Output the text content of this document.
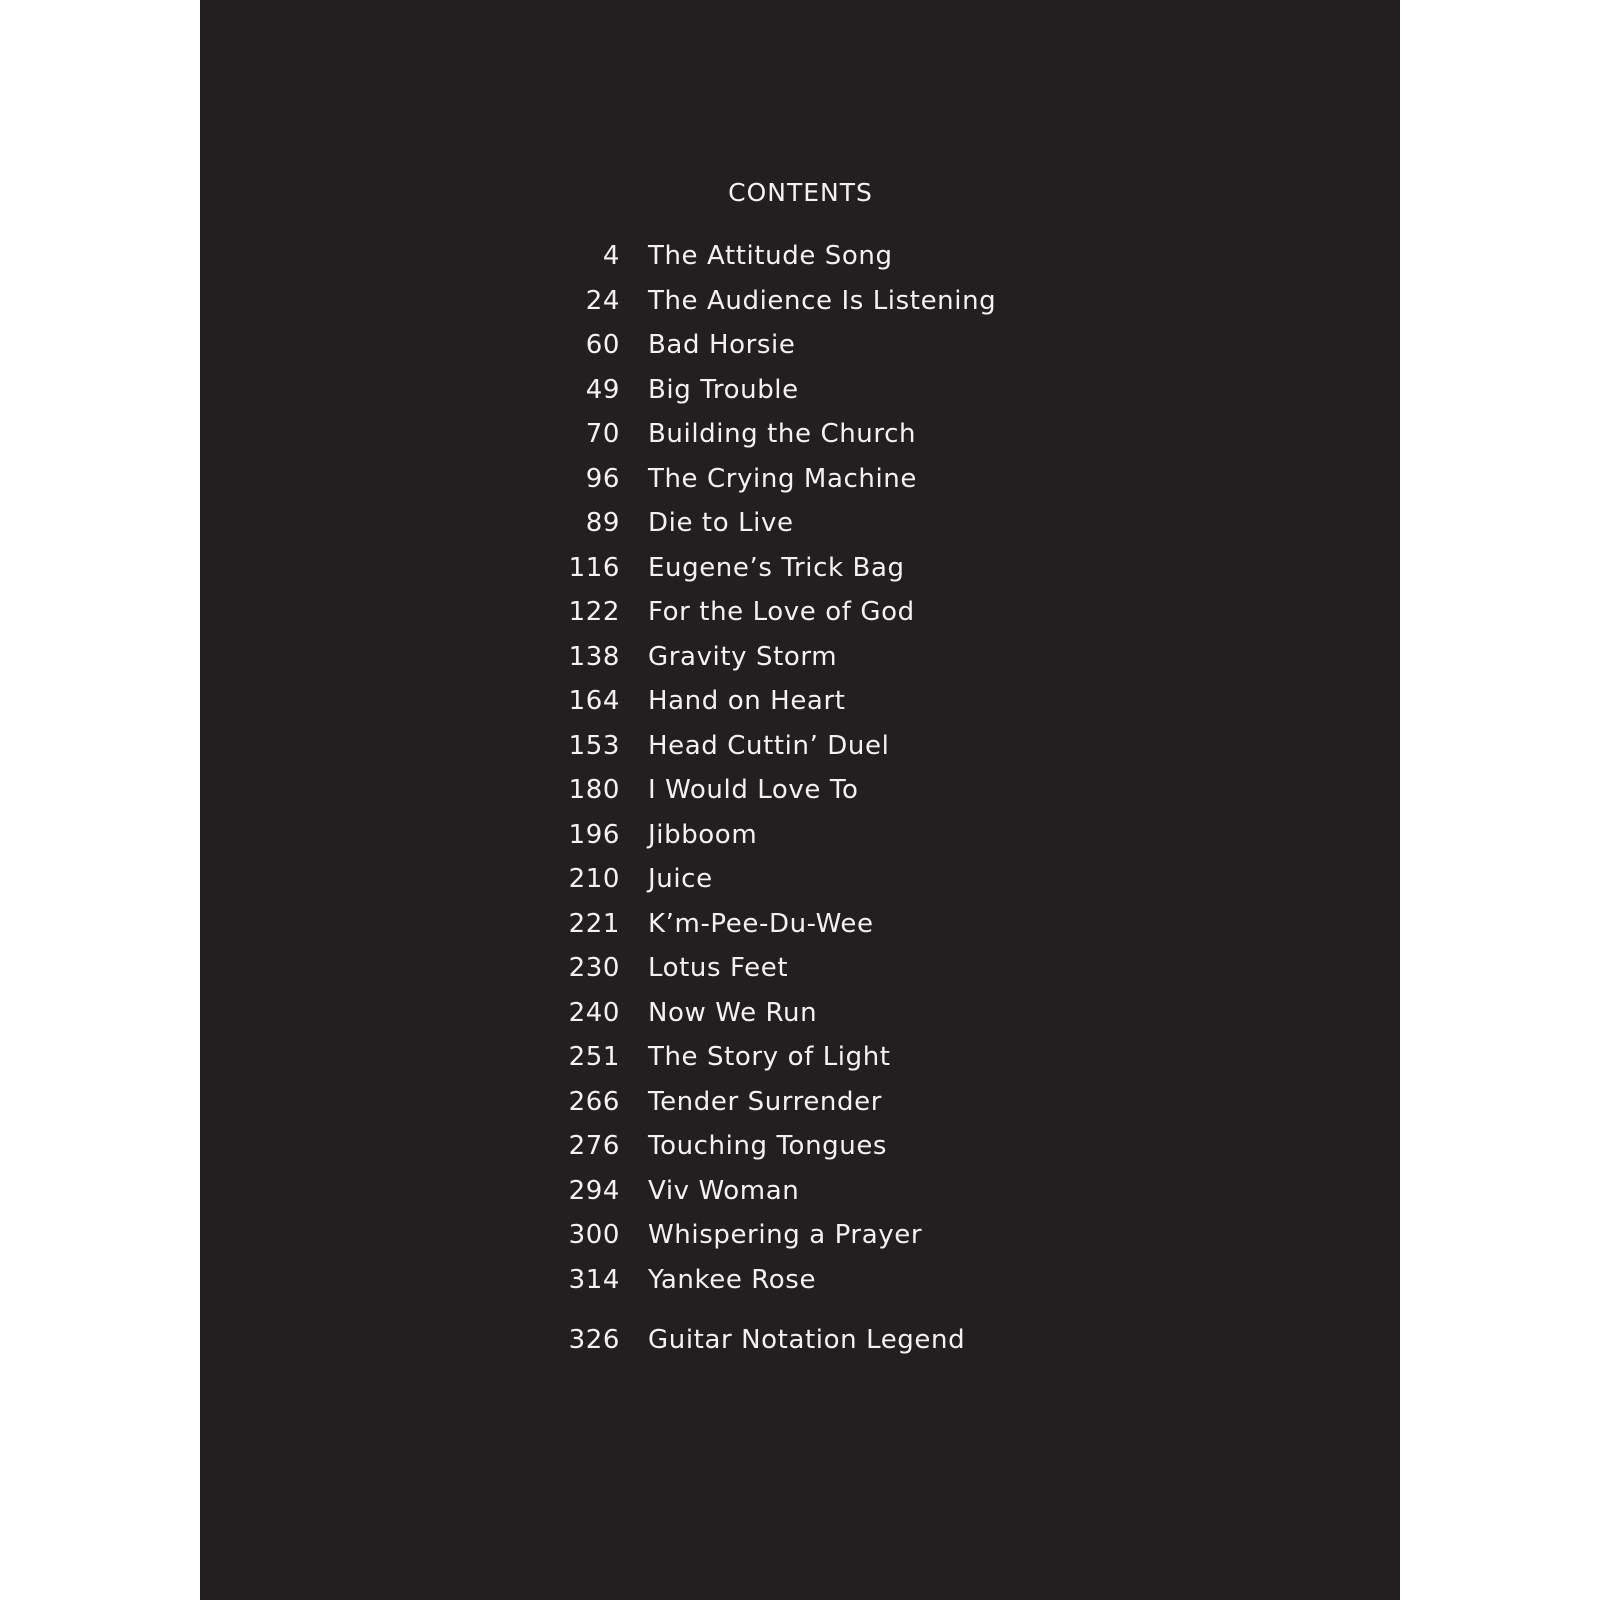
CONTENTS
4 The Attitude Song
24 The Audience Is Listening
60 Bad Horsie
49 Big Trouble
70 Building the Church
96 The Crying Machine
89 Die to Live
116 Eugene’s Trick Bag
122 For the Love of God
138 Gravity Storm
164 Hand on Heart
153 Head Cuttin’ Duel
180 I Would Love To
196 Jibboom
210 Juice
221 K’m-Pee-Du-Wee
230 Lotus Feet
240 Now We Run
251 The Story of Light
266 Tender Surrender
276 Touching Tongues
294 Viv Woman
300 Whispering a Prayer
314 Yankee Rose
326 Guitar Notation Legend
